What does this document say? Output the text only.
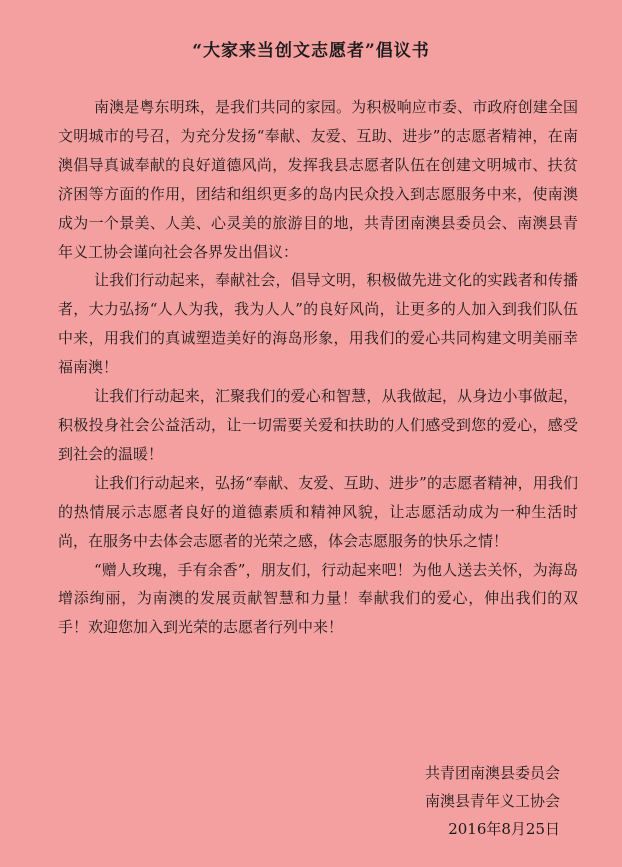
“大家来当创文志愿者”倡议书

南澳是粤东明珠，是我们共同的家园。为积极响应市委、市政府创建全国文明城市的号召，为充分发扬“奉献、友爱、互助、进步”的志愿者精神，在南澳倡导真诚奉献的良好道德风尚，发挥我县志愿者队伍在创建文明城市、扶贫济困等方面的作用，团结和组织更多的岛内民众投入到志愿服务中来，使南澳成为一个景美、人美、心灵美的旅游目的地，共青团南澳县委员会、南澳县青年义工协会谨向社会各界发出倡议：

让我们行动起来，奉献社会，倡导文明，积极做先进文化的实践者和传播者，大力弘扬“人人为我，我为人人”的良好风尚，让更多的人加入到我们队伍中来，用我们的真诚塑造美好的海岛形象，用我们的爱心共同构建文明美丽幸福南澳！

让我们行动起来，汇聚我们的爱心和智慧，从我做起，从身边小事做起，积极投身社会公益活动，让一切需要关爱和扶助的人们感受到您的爱心，感受到社会的温暖！

让我们行动起来，弘扬“奉献、友爱、互助、进步”的志愿者精神，用我们的热情展示志愿者良好的道德素质和精神风貌，让志愿活动成为一种生活时尚，在服务中去体会志愿者的光荣之感，体会志愿服务的快乐之情！

“赠人玫瑰，手有余香”，朋友们，行动起来吧！为他人送去关怀，为海岛增添绚丽，为南澳的发展贡献智慧和力量！奉献我们的爱心，伸出我们的双手！欢迎您加入到光荣的志愿者行列中来！

共青团南澳县委员会
南澳县青年义工协会
2016年8月25日
